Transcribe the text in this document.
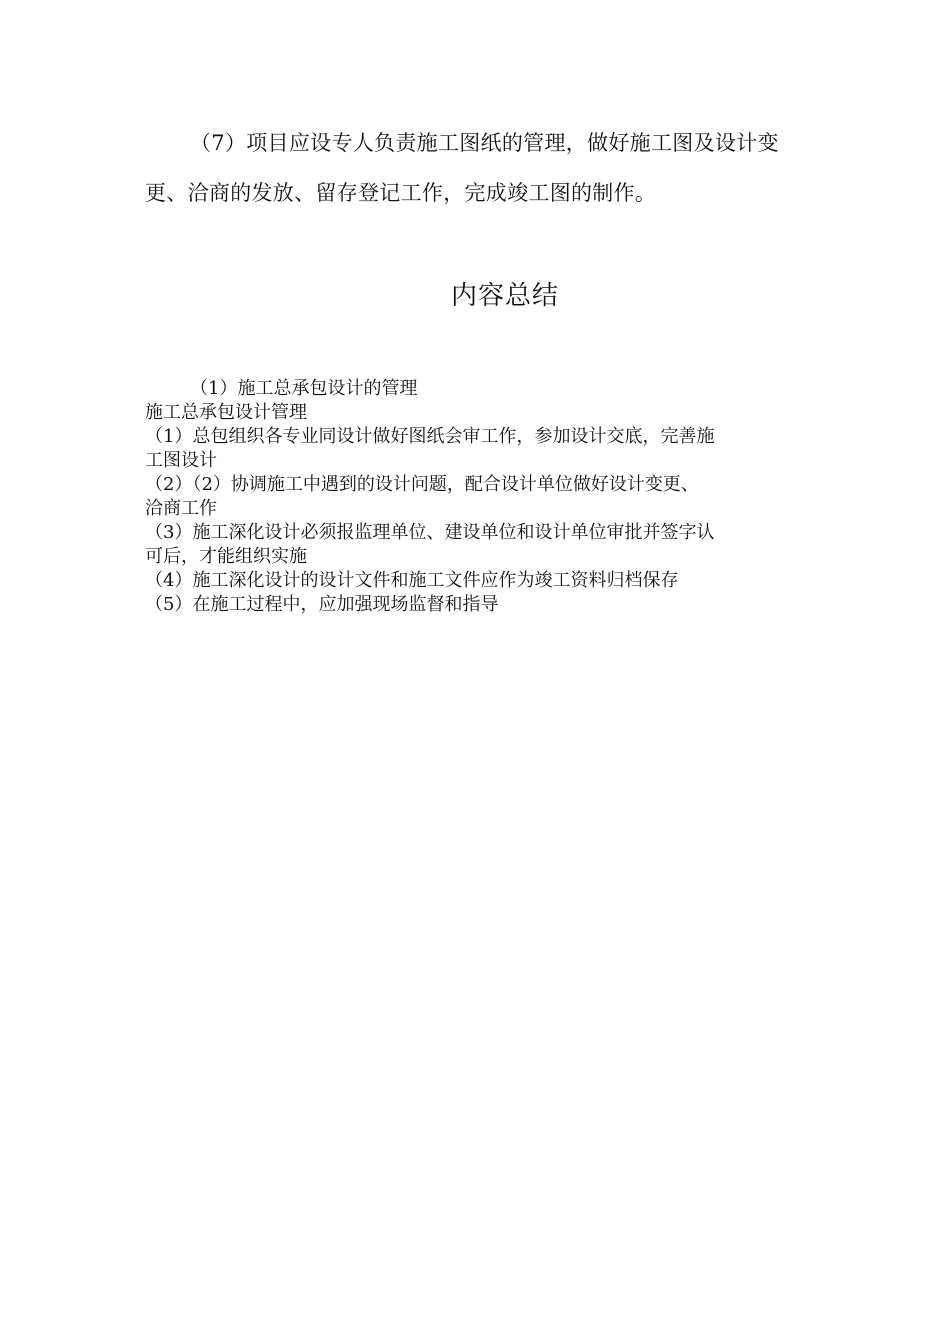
（7）项目应设专人负责施工图纸的管理，做好施工图及设计变
更、洽商的发放、留存登记工作，完成竣工图的制作。
内容总结
（1）施工总承包设计的管理
施工总承包设计管理
（1）总包组织各专业同设计做好图纸会审工作，参加设计交底，完善施
工图设计
（2）（2）协调施工中遇到的设计问题，配合设计单位做好设计变更、
洽商工作
（3）施工深化设计必须报监理单位、建设单位和设计单位审批并签字认
可后，才能组织实施
（4）施工深化设计的设计文件和施工文件应作为竣工资料归档保存
（5）在施工过程中，应加强现场监督和指导
